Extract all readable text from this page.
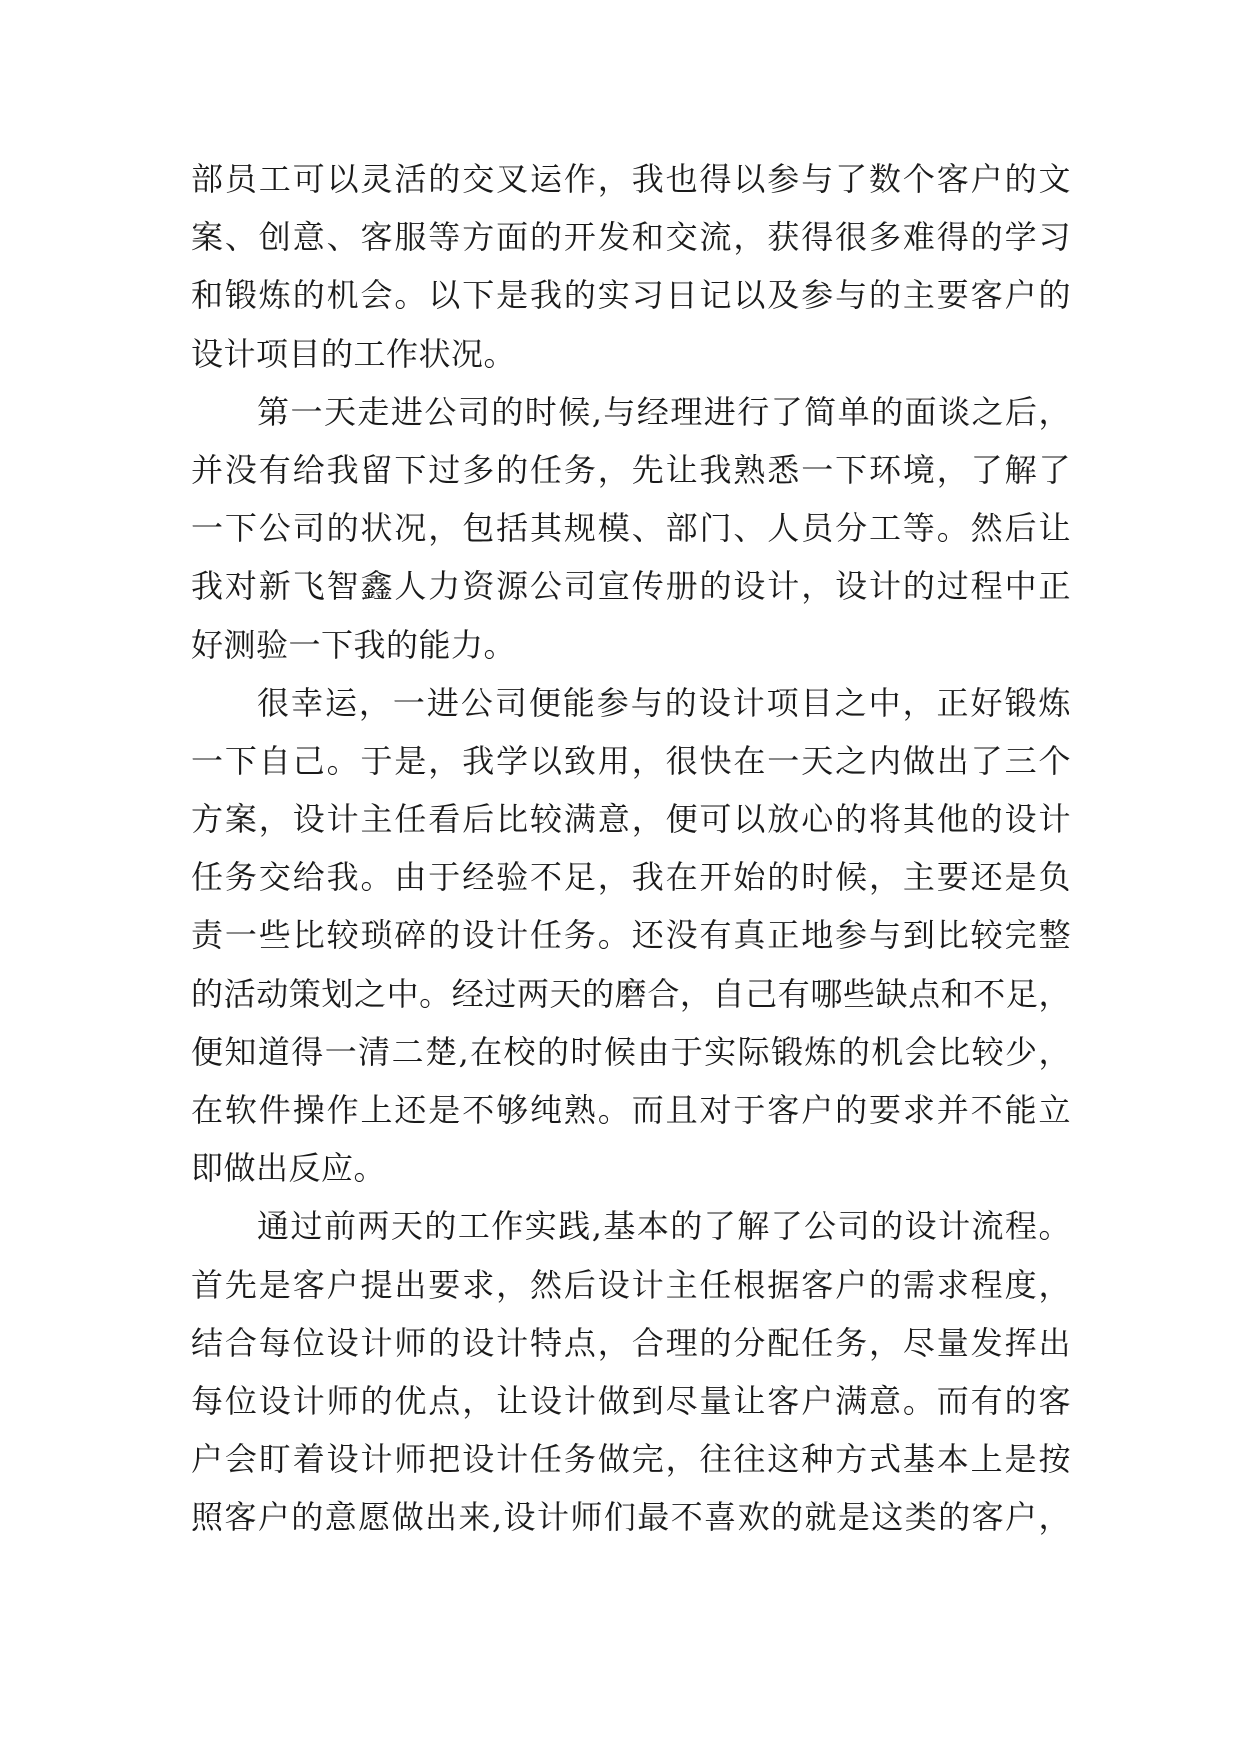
部员工可以灵活的交叉运作，我也得以参与了数个客户的文
案、创意、客服等方面的开发和交流，获得很多难得的学习
和锻炼的机会。以下是我的实习日记以及参与的主要客户的
设计项目的工作状况。
第一天走进公司的时候,与经理进行了简单的面谈之后，
并没有给我留下过多的任务，先让我熟悉一下环境，了解了
一下公司的状况，包括其规模、部门、人员分工等。然后让
我对新飞智鑫人力资源公司宣传册的设计，设计的过程中正
好测验一下我的能力。
很幸运，一进公司便能参与的设计项目之中，正好锻炼
一下自己。于是，我学以致用，很快在一天之内做出了三个
方案，设计主任看后比较满意，便可以放心的将其他的设计
任务交给我。由于经验不足，我在开始的时候，主要还是负
责一些比较琐碎的设计任务。还没有真正地参与到比较完整
的活动策划之中。经过两天的磨合，自己有哪些缺点和不足，
便知道得一清二楚,在校的时候由于实际锻炼的机会比较少，
在软件操作上还是不够纯熟。而且对于客户的要求并不能立
即做出反应。
通过前两天的工作实践,基本的了解了公司的设计流程。
首先是客户提出要求，然后设计主任根据客户的需求程度，
结合每位设计师的设计特点，合理的分配任务，尽量发挥出
每位设计师的优点，让设计做到尽量让客户满意。而有的客
户会盯着设计师把设计任务做完，往往这种方式基本上是按
照客户的意愿做出来,设计师们最不喜欢的就是这类的客户，
